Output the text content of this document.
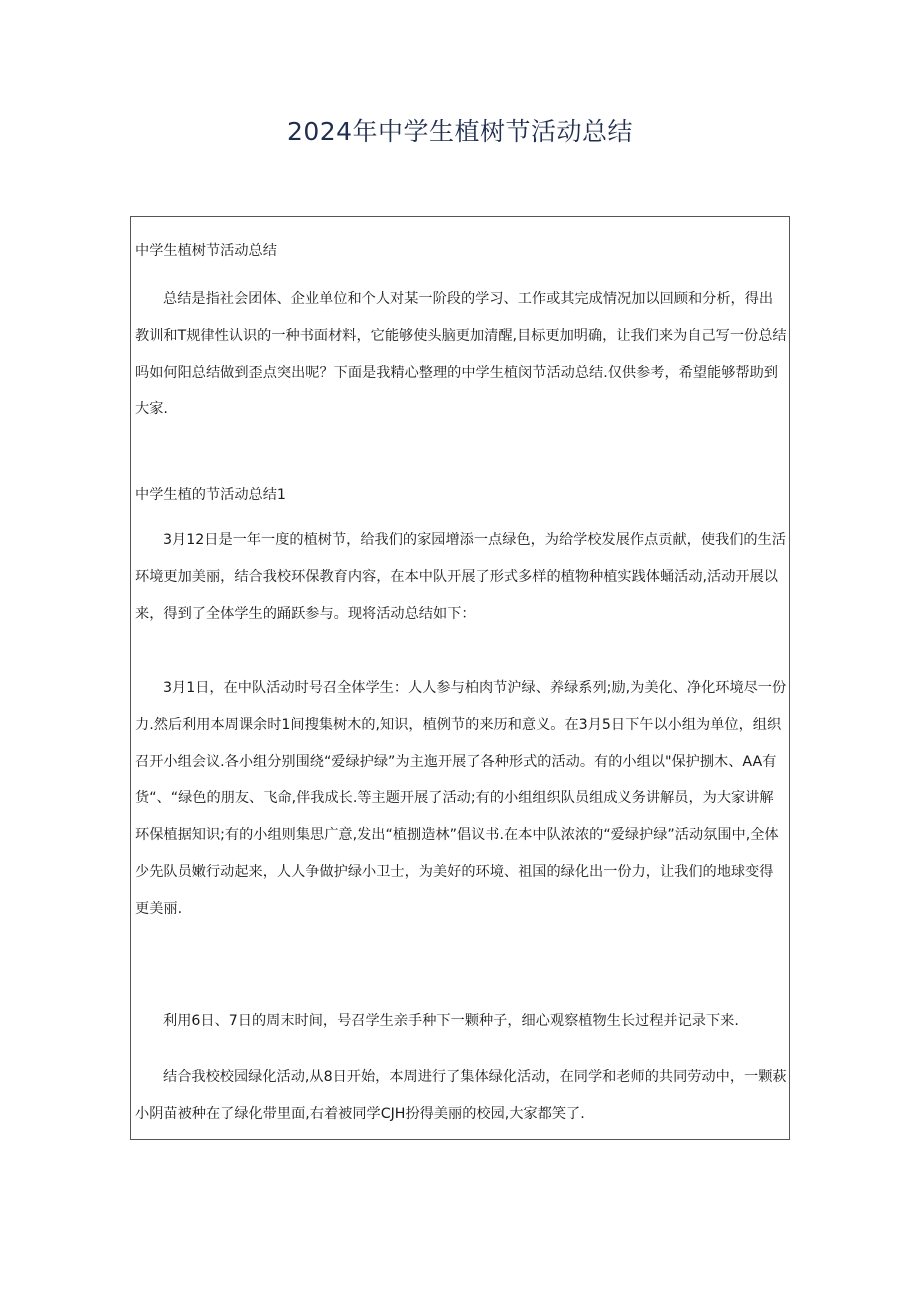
2024年中学生植树节活动总结

中学生植树节活动总结

总结是指社会团体、企业单位和个人对某一阶段的学习、工作或其完成情况加以回顾和分析，得出教训和T规律性认识的一种书面材料，它能够使头脑更加清醒,目标更加明确，让我们来为自己写一份总结吗如何阳总结做到歪点突出呢？下面是我精心整理的中学生植闵节活动总结.仅供参考，希望能够帮助到大家.

中学生植的节活动总结1

3月12日是一年一度的植树节，给我们的家园增添一点绿色，为给学校发展作点贡献，使我们的生活环境更加美丽，结合我校环保教育内容，在本中队开展了形式多样的植物种植实践体蛹活动,活动开展以来，得到了全体学生的踊跃参与。现将活动总结如下：

3月1日，在中队活动时号召全体学生：人人参与柏肉节沪绿、养绿系列;励,为美化、净化环境尽一份力.然后利用本周课余时1间搜集树木的,知识，植例节的来历和意义。在3月5日下午以小组为单位，组织召开小组会议.各小组分别围绕“爱绿护绿”为主迤开展了各种形式的活动。有的小组以"保护捌木、AA有货“、“绿色的朋友、飞命,伴我成长.等主题开展了活动;有的小组组织队员组成义务讲解员，为大家讲解环保植据知识;有的小组则集思广意,发出“植捌造林”倡议书.在本中队浓浓的“爱绿护绿”活动氛围中,全体少先队员嫩行动起来，人人争做护绿小卫士，为美好的环境、祖国的绿化出一份力，让我们的地球变得更美丽.

利用6日、7日的周末时间，号召学生亲手种下一颗种子，细心观察植物生长过程并记录下来.

结合我校校园绿化活动,从8日开始，本周进行了集体绿化活动，在同学和老师的共同劳动中，一颗萩小阴苗被种在了绿化带里面,右着被同学CJH扮得美丽的校园,大家都笑了.
